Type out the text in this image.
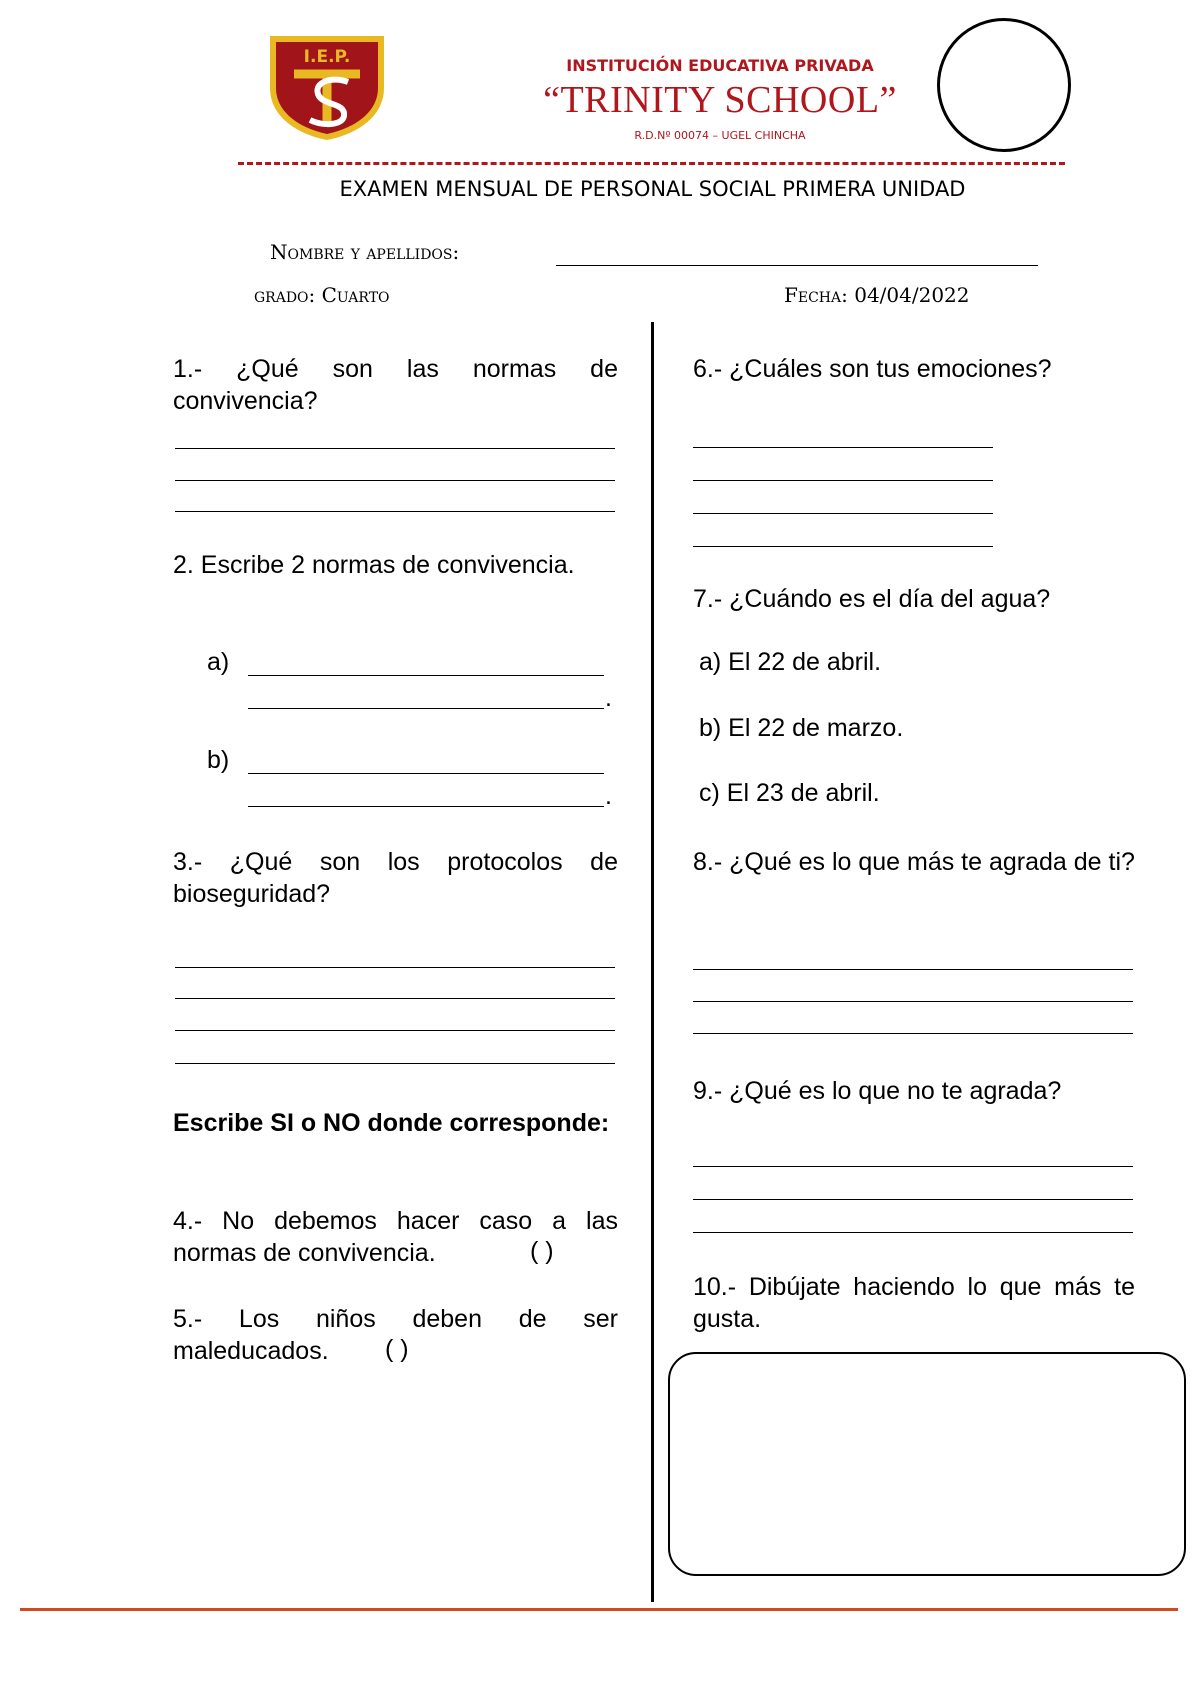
I.E.P.	INSTITUCIÓN EDUCATIVA PRIVADA
“TRINITY SCHOOL”
R.D.Nº 00074 – UGEL CHINCHA
EXAMEN MENSUAL DE PERSONAL SOCIAL PRIMERA UNIDAD
Nombre y apellidos:
grado: Cuarto	Fecha: 04/04/2022
1.- ¿Qué son las normas de convivencia?
2. Escribe 2 normas de convivencia.
a)
.
b)
.
3.- ¿Qué son los protocolos de bioseguridad?
Escribe SI o NO donde corresponde:
4.- No debemos hacer caso a las normas de convivencia.	( )
5.- Los niños deben de ser maleducados.	( )
6.- ¿Cuáles son tus emociones?
7.- ¿Cuándo es el día del agua?
a) El 22 de abril.
b) El 22 de marzo.
c) El 23 de abril.
8.- ¿Qué es lo que más te agrada de ti?
9.- ¿Qué es lo que no te agrada?
10.- Dibújate haciendo lo que más te gusta.
